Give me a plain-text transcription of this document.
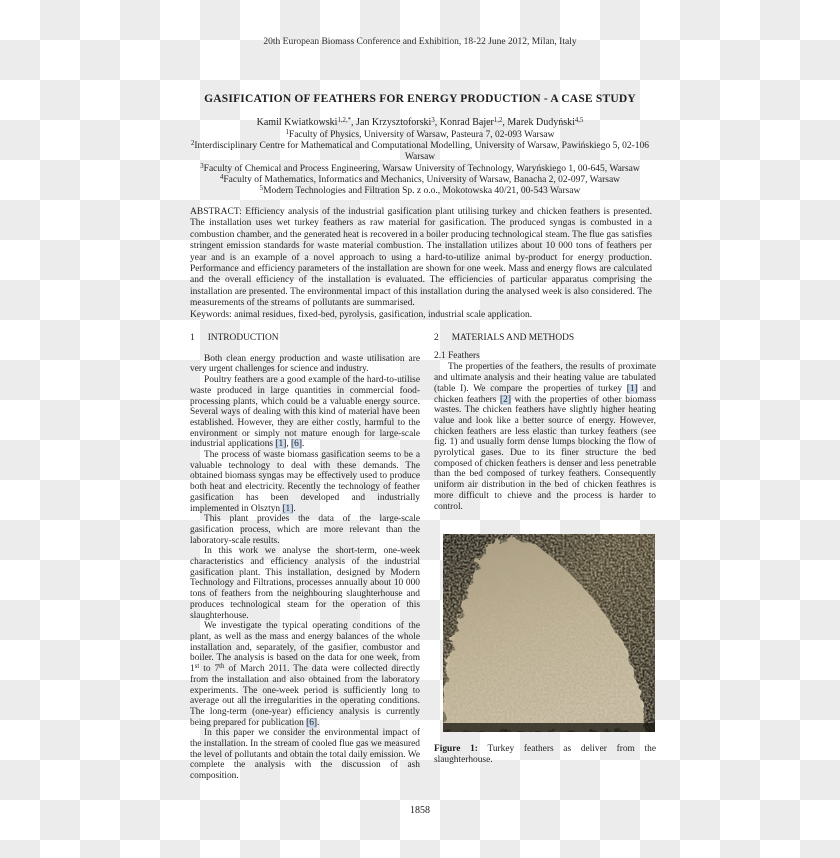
20th European Biomass Conference and Exhibition, 18-22 June 2012, Milan, Italy
GASIFICATION OF FEATHERS FOR ENERGY PRODUCTION - A CASE STUDY
Kamil Kwiatkowski$^{1,2,*}$, Jan Krzysztoforski$^3$, Konrad Bajer$^{1,2}$, Marek Dudyński$^{4,5}$
$^1$Faculty of Physics, University of Warsaw, Pasteura 7, 02-093 Warsaw
$^2$Interdisciplinary Centre for Mathematical and Computational Modelling, University of Warsaw, Pawińskiego 5, 02-106
Warsaw
$^3$Faculty of Chemical and Process Engineering, Warsaw University of Technology, Waryńskiego 1, 00-645, Warsaw
$^4$Faculty of Mathematics, Informatics and Mechanics, University of Warsaw, Banacha 2, 02-097, Warsaw
$^5$Modern Technologies and Filtration Sp. z o.o., Mokotowska 40/21, 00-543 Warsaw

ABSTRACT: Efficiency analysis of the industrial gasification plant utilising turkey and chicken feathers is presented. The installation uses wet turkey feathers as raw material for gasification. The produced syngas is combusted in a combustion chamber, and the generated heat is recovered in a boiler producing technological steam. The flue gas satisfies stringent emission standards for waste material combustion. The installation utilizes about 10 000 tons of feathers per year and is an example of a novel approach to using a hard-to-utilize animal by-product for energy production. Performance and efficiency parameters of the installation are shown for one week. Mass and energy flows are calculated and the overall efficiency of the installation is evaluated. The efficiencies of particular apparatus comprising the installation are presented. The environmental impact of this installation during the analysed week is also considered. The measurements of the streams of pollutants are summarised.

Keywords: animal residues, fixed-bed, pyrolysis, gasification, industrial scale application.

1 INTRODUCTION

Both clean energy production and waste utilisation are very urgent challenges for science and industry.

Poultry feathers are a good example of the hard-to-utilise waste produced in large quantities in commercial food-processing plants, which could be a valuable energy source. Several ways of dealing with this kind of material have been established. However, they are either costly, harmful to the environment or simply not mature enough for large-scale industrial applications [1], [6].

The process of waste biomass gasification seems to be a valuable technology to deal with these demands. The obtained biomass syngas may be effectively used to produce both heat and electricity. Recently the technology of feather gasification has been developed and industrially implemented in Olsztyn [1].

This plant provides the data of the large-scale gasification process, which are more relevant than the laboratory-scale results.

In this work we analyse the short-term, one-week characteristics and efficiency analysis of the industrial gasification plant. This installation, designed by Modern Technology and Filtrations, processes annually about 10 000 tons of feathers from the neighbouring slaughterhouse and produces technological steam for the operation of this slaughterhouse.

We investigate the typical operating conditions of the plant, as well as the mass and energy balances of the whole installation and, separately, of the gasifier, combustor and boiler. The analysis is based on the data for one week, from 1st to 7th of March 2011. The data were collected directly from the installation and also obtained from the laboratory experiments. The one-week period is sufficiently long to average out all the irregularities in the operating conditions. The long-term (one-year) efficiency analysis is currently being prepared for publication [6].

In this paper we consider the environmental impact of the installation. In the stream of cooled flue gas we measured the level of pollutants and obtain the total daily emission. We complete the analysis with the discussion of ash composition.

2 MATERIALS AND METHODS

2.1 Feathers

The properties of the feathers, the results of proximate and ultimate analysis and their heating value are tabulated (table I). We compare the properties of turkey [1] and chicken feathers [2] with the properties of other biomass wastes. The chicken feathers have slightly higher heating value and look like a better source of energy. However, chicken feathers are less elastic than turkey feathers (see fig. 1) and usually form dense lumps blocking the flow of pyrolytical gases. Due to its finer structure the bed composed of chicken feathers is denser and less penetrable than the bed composed of turkey feathers. Consequently uniform air distribution in the bed of chicken feathres is more difficult to chieve and the process is harder to control.

Figure 1: Turkey feathers as deliver from the slaughterhouse.

1858
